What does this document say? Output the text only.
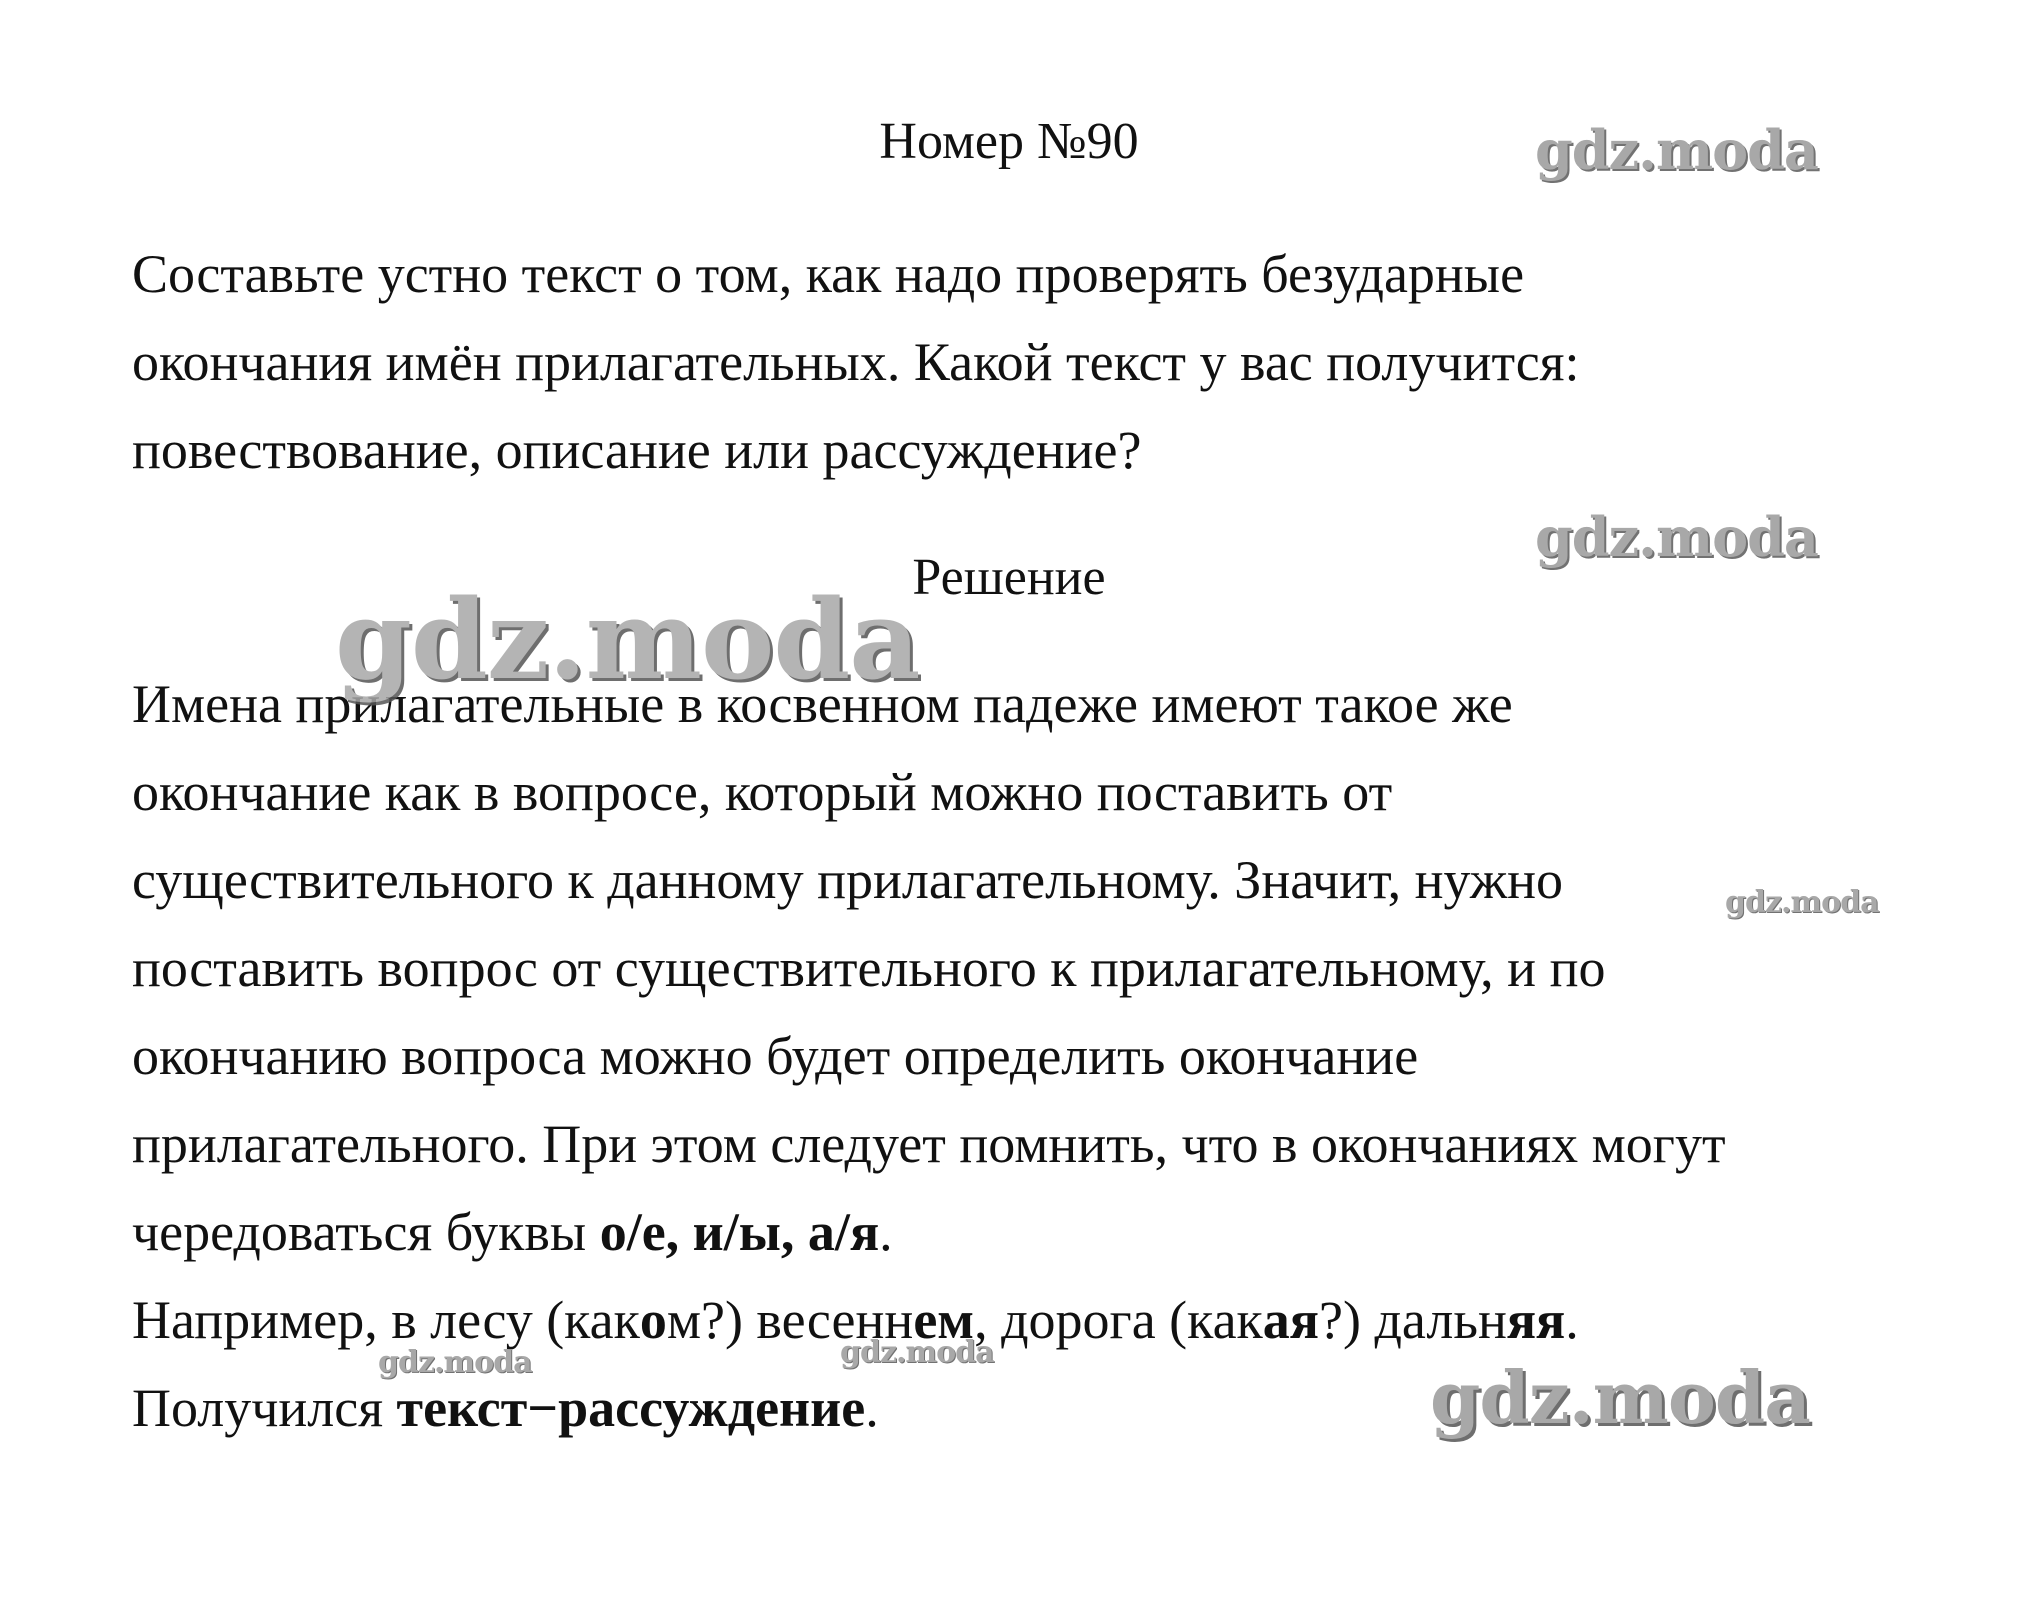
Номер №90

Составьте устно текст о том, как надо проверять безударные
окончания имён прилагательных. Какой текст у вас получится:
повествование, описание или рассуждение?

Решение

Имена прилагательные в косвенном падеже имеют такое же
окончание как в вопросе, который можно поставить от
существительного к данному прилагательному. Значит, нужно
поставить вопрос от существительного к прилагательному, и по
окончанию вопроса можно будет определить окончание
прилагательного. При этом следует помнить, что в окончаниях могут
чередоваться буквы о/е, и/ы, а/я.

Например, в лесу (каком?) весеннем, дорога (какая?) дальняя.

Получился текст−рассуждение.

gdz.moda
gdz.moda
gdz.moda
gdz.moda
gdz.moda	gdz.moda
gdz.moda
